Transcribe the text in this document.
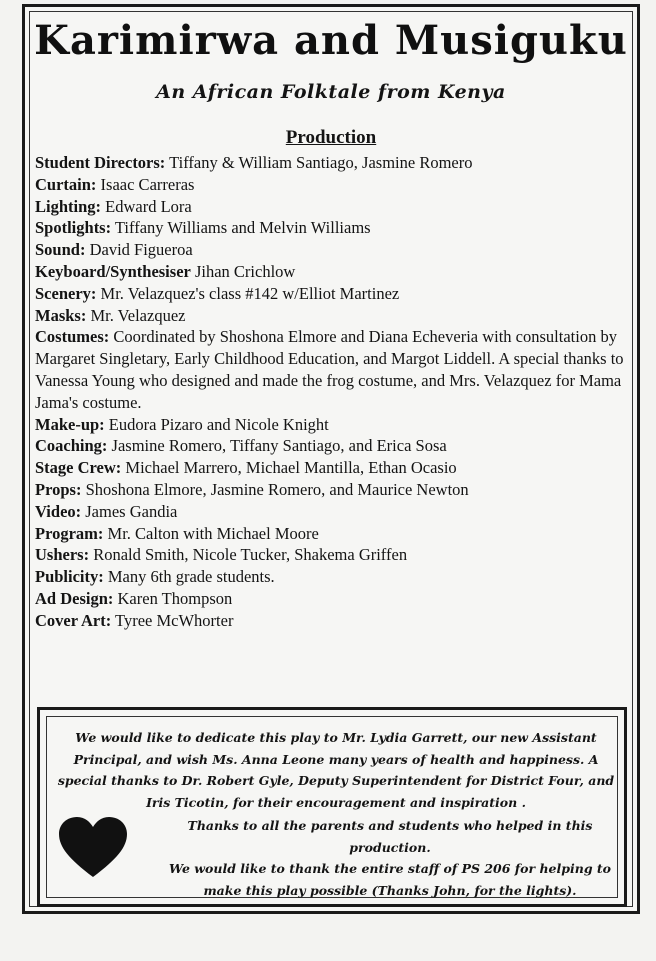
Karimirwa and Musiguku
An African Folktale from Kenya
Production
Student Directors: Tiffany & William Santiago, Jasmine Romero
Curtain: Isaac Carreras
Lighting: Edward Lora
Spotlights: Tiffany Williams and Melvin Williams
Sound: David Figueroa
Keyboard/Synthesiser Jihan Crichlow
Scenery: Mr. Velazquez's class #142 w/Elliot Martinez
Masks: Mr. Velazquez
Costumes: Coordinated by Shoshona Elmore and Diana Echeveria with consultation by Margaret Singletary, Early Childhood Education, and Margot Liddell. A special thanks to Vanessa Young who designed and made the frog costume, and Mrs. Velazquez for Mama Jama's costume.
Make-up: Eudora Pizaro and Nicole Knight
Coaching: Jasmine Romero, Tiffany Santiago, and Erica Sosa
Stage Crew: Michael Marrero, Michael Mantilla, Ethan Ocasio
Props: Shoshona Elmore, Jasmine Romero, and Maurice Newton
Video: James Gandia
Program: Mr. Calton with Michael Moore
Ushers: Ronald Smith, Nicole Tucker, Shakema Griffen
Publicity: Many 6th grade students.
Ad Design: Karen Thompson
Cover Art: Tyree McWhorter

We would like to dedicate this play to Mr. Lydia Garrett, our new Assistant Principal, and wish Ms. Anna Leone many years of health and happiness. A special thanks to Dr. Robert Gyle, Deputy Superintendent for District Four, and Iris Ticotin, for their encouragement and inspiration .

Thanks to all the parents and students who helped in this production.

We would like to thank the entire staff of PS 206 for helping to make this play possible (Thanks John, for the lights).
